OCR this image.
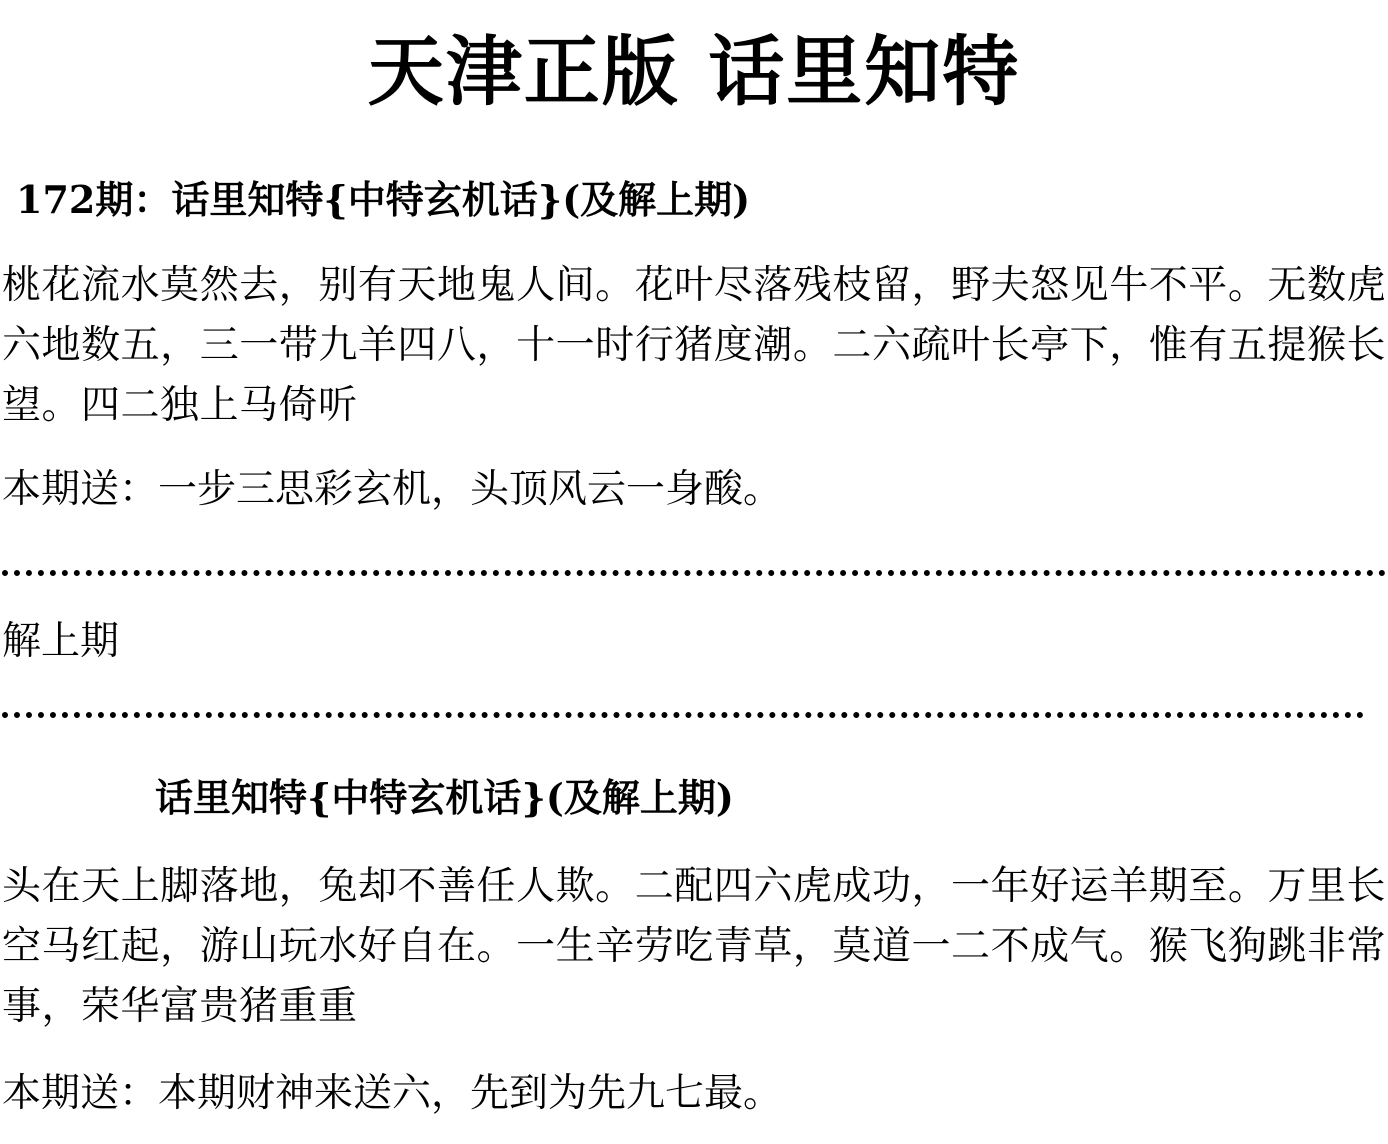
天津正版 话里知特
172期：话里知特{中特玄机话}(及解上期)
桃花流水莫然去，别有天地鬼人间。花叶尽落残枝留，野夫怒见牛不平。无数虎六地数五，三一带九羊四八，十一时行猪度潮。二六疏叶长亭下，惟有五提猴长望。四二独上马倚听
本期送：一步三思彩玄机，头顶风云一身酸。
解上期
话里知特{中特玄机话}(及解上期)
头在天上脚落地，兔却不善任人欺。二配四六虎成功，一年好运羊期至。万里长空马红起，游山玩水好自在。一生辛劳吃青草，莫道一二不成气。猴飞狗跳非常事，荣华富贵猪重重
本期送：本期财神来送六，先到为先九七最。
